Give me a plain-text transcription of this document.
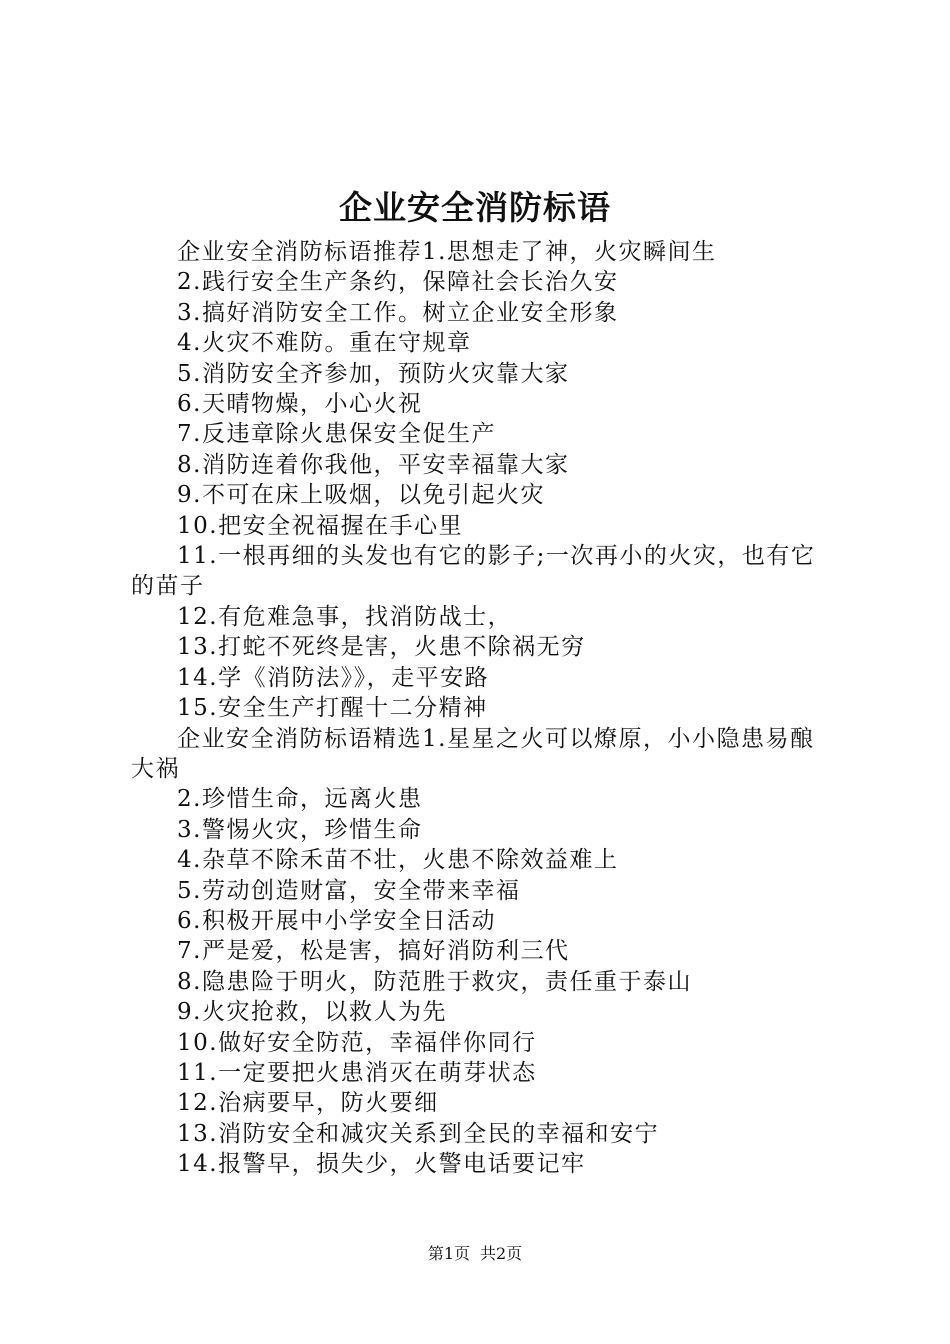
企业安全消防标语

企业安全消防标语推荐1.思想走了神，火灾瞬间生

2.践行安全生产条约，保障社会长治久安

3.搞好消防安全工作。树立企业安全形象

4.火灾不难防。重在守规章

5.消防安全齐参加，预防火灾靠大家

6.天晴物燥，小心火祝

7.反违章除火患保安全促生产

8.消防连着你我他，平安幸福靠大家

9.不可在床上吸烟，以免引起火灾

10.把安全祝福握在手心里

11.一根再细的头发也有它的影子;一次再小的火灾，也有它的苗子

12.有危难急事，找消防战士，

13.打蛇不死终是害，火患不除祸无穷

14.学《消防法》》，走平安路

15.安全生产打醒十二分精神

企业安全消防标语精选1.星星之火可以燎原，小小隐患易酿大祸

2.珍惜生命，远离火患

3.警惕火灾，珍惜生命

4.杂草不除禾苗不壮，火患不除效益难上

5.劳动创造财富，安全带来幸福

6.积极开展中小学安全日活动

7.严是爱，松是害，搞好消防利三代

8.隐患险于明火，防范胜于救灾，责任重于泰山

9.火灾抢救，以救人为先

10.做好安全防范，幸福伴你同行

11.一定要把火患消灭在萌芽状态

12.治病要早，防火要细

13.消防安全和减灾关系到全民的幸福和安宁

14.报警早，损失少，火警电话要记牢

第1页 共2页
